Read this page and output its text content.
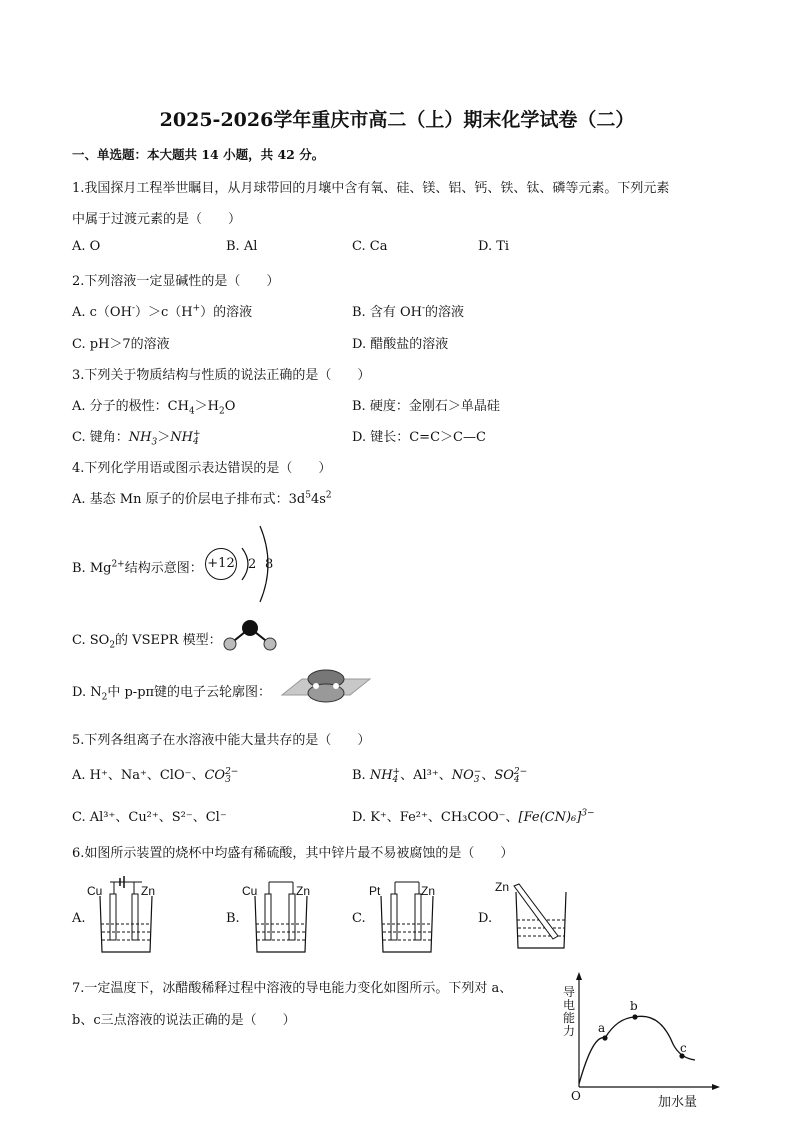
2025-2026学年重庆市高二（上）期末化学试卷（二）
一、单选题：本大题共 14 小题，共 42 分。
1.我国探月工程举世瞩目，从月球带回的月壤中含有氧、硅、镁、铝、钙、铁、钛、磷等元素。下列元素
中属于过渡元素的是（　　）
A. O	B. Al	C. Ca	D. Ti
2.下列溶液一定显碱性的是（　　）
A. c（OH-）＞c（H+）的溶液	B. 含有 OH-的溶液
C. pH＞7的溶液	D. 醋酸盐的溶液
3.下列关于物质结构与性质的说法正确的是（　　）
A. 分子的极性：$CH_4>H_2O$	B. 硬度：金刚石＞单晶硅
C. 键角：$NH_3>NH+$
4	D. 键长：C=C＞C—C
4.下列化学用语或图示表达错误的是（　　）
A. 基态 Mn 原子的价层电子排布式：$3d^54s^2$
B. $Mg^{2+}$结构示意图： +12 2 8
C. $SO_2$的 VSEPR 模型：
D. $N_2$中 p-pπ键的电子云轮廓图：
5.下列各组离子在水溶液中能大量共存的是（　　）
A. H⁺、Na⁺、ClO⁻、CO2−
3	B. NH+
4 、Al³⁺、NO−
3 、SO2−
4
C. Al³⁺、Cu²⁺、S²⁻、Cl⁻	D. K⁺、Fe²⁺、CH₃COO⁻、$[Fe(CN)_6]^{3-}$
6.如图所示装置的烧杯中均盛有稀硫酸，其中锌片最不易被腐蚀的是（　　）
A.
Cu	Zn
B.
Cu	Zn
C.
Pt	Zn
D.
Zn
7.一定温度下，冰醋酸稀释过程中溶液的导电能力变化如图所示。下列对 a、
b、c三点溶液的说法正确的是（　　）
导电能力
加水量
O
a
b
c
